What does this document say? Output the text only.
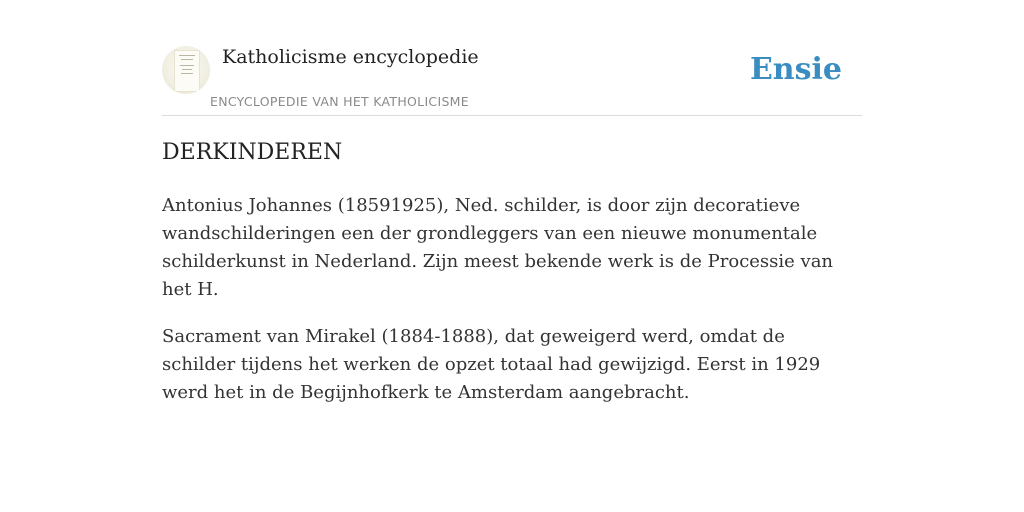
Katholicisme encyclopedie
ENCYCLOPEDIE VAN HET KATHOLICISME
Ensie
DERKINDEREN

Antonius Johannes (18591925), Ned. schilder, is door zijn decoratieve wandschilderingen een der grondleggers van een nieuwe monumentale schilderkunst in Nederland. Zijn meest bekende werk is de Processie van het H.

Sacrament van Mirakel (1884-1888), dat geweigerd werd, omdat de schilder tijdens het werken de opzet totaal had gewijzigd. Eerst in 1929 werd het in de Begijnhofkerk te Amsterdam aangebracht.
